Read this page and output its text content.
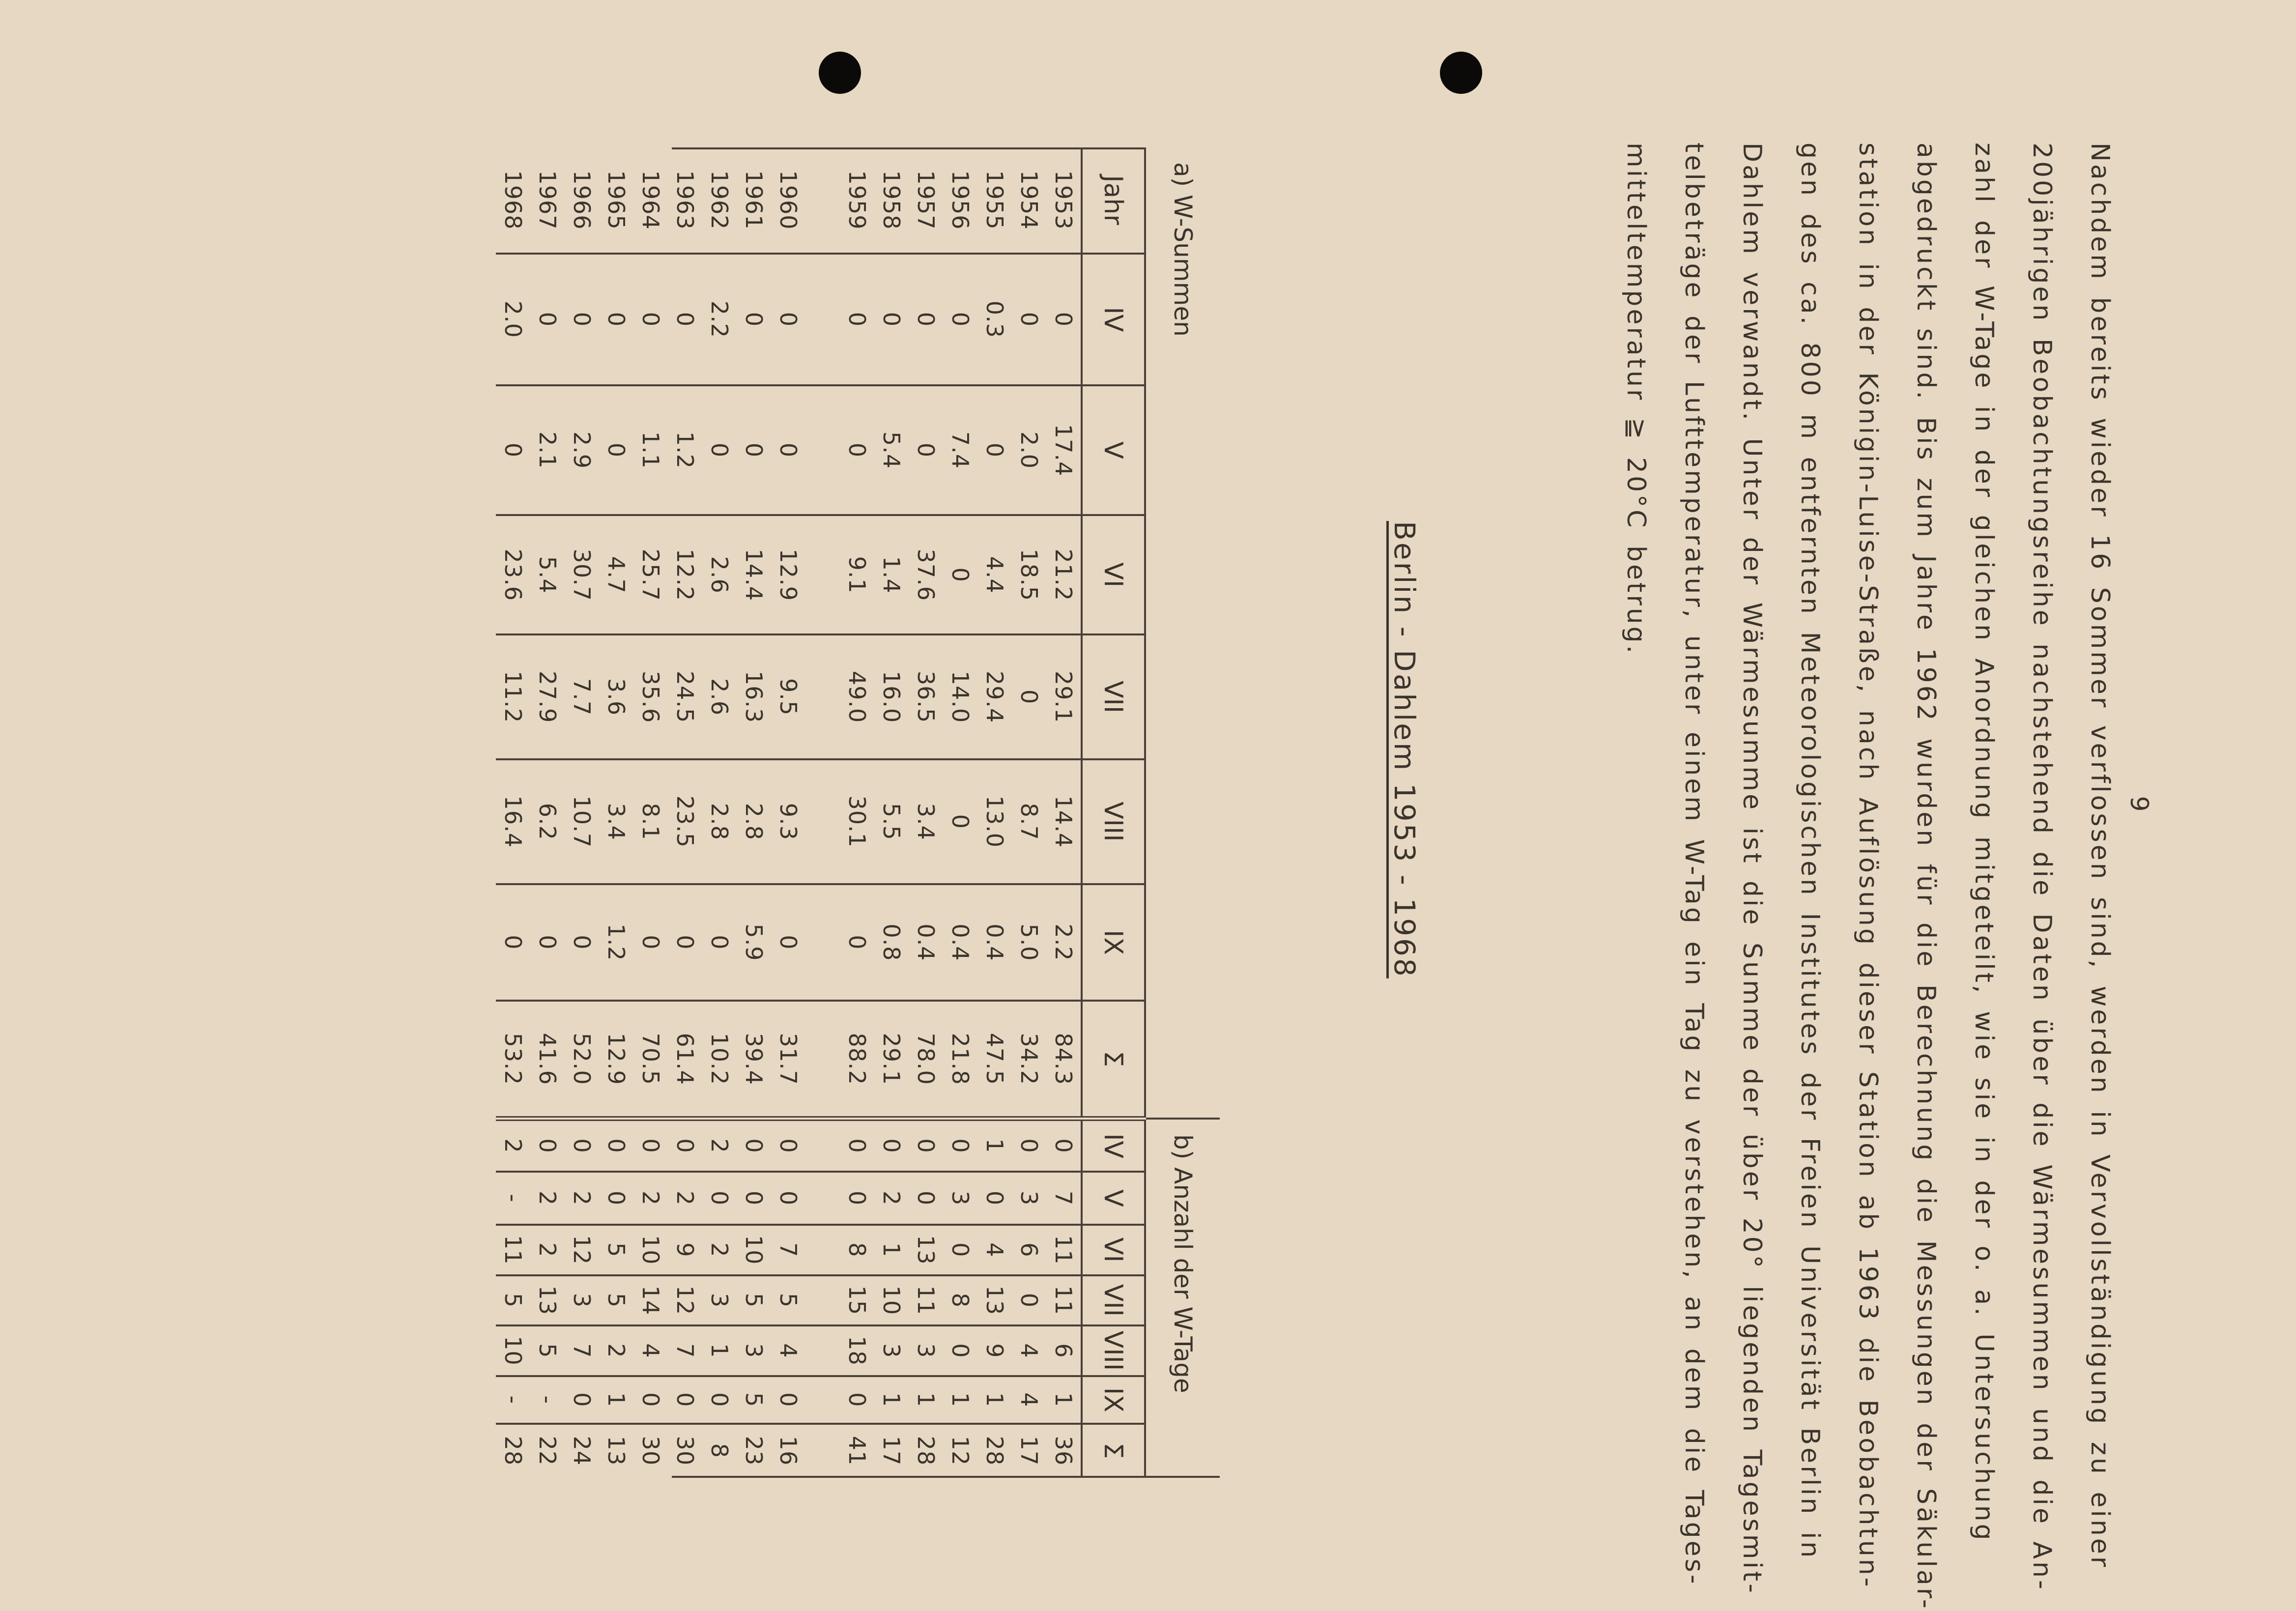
9
Nachdem bereits wieder 16 Sommer verflossen sind, werden in Vervollständigung zu einer
200jährigen Beobachtungsreihe nachstehend die Daten über die Wärmesummen und die An-
zahl der W-Tage in der gleichen Anordnung mitgeteilt, wie sie in der o. a. Untersuchung
abgedruckt sind. Bis zum Jahre 1962 wurden für die Berechnung die Messungen der Säkular-
station in der Königin-Luise-Straße, nach Auflösung dieser Station ab 1963 die Beobachtun-
gen des ca. 800 m entfernten Meteorologischen Institutes der Freien Universität Berlin in
Dahlem verwandt. Unter der Wärmesumme ist die Summe der über 20° liegenden Tagesmit-
telbeträge der Lufttemperatur, unter einem W-Tag ein Tag zu verstehen, an dem die Tages-
mitteltemperatur ≧ 20°C betrug.
Berlin - Dahlem 1953 - 1968
a) W-Summen								b) Anzahl der W-Tage						
Jahr	IV	V	VI	VII	VIII	IX	Σ	IV	V	VI	VII	VIII	IX	Σ
1953	0	17.4	21.2	29.1	14.4	2.2	84.3	0	7	11	11	6	1	36
1954	0	2.0	18.5	0	8.7	5.0	34.2	0	3	6	0	4	4	17
1955	0.3	0	4.4	29.4	13.0	0.4	47.5	1	0	4	13	9	1	28
1956	0	7.4	0	14.0	0	0.4	21.8	0	3	0	8	0	1	12
1957	0	0	37.6	36.5	3.4	0.4	78.0	0	0	13	11	3	1	28
1958	0	5.4	1.4	16.0	5.5	0.8	29.1	0	2	1	10	3	1	17
1959	0	0	9.1	49.0	30.1	0	88.2	0	0	8	15	18	0	41

1960	0	0	12.9	9.5	9.3	0	31.7	0	0	7	5	4	0	16
1961	0	0	14.4	16.3	2.8	5.9	39.4	0	0	10	5	3	5	23
1962	2.2	0	2.6	2.6	2.8	0	10.2	2	0	2	3	1	0	8
1963	0	1.2	12.2	24.5	23.5	0	61.4	0	2	9	12	7	0	30
1964	0	1.1	25.7	35.6	8.1	0	70.5	0	2	10	14	4	0	30
1965	0	0	4.7	3.6	3.4	1.2	12.9	0	0	5	5	2	1	13
1966	0	2.9	30.7	7.7	10.7	0	52.0	0	2	12	3	7	0	24
1967	0	2.1	5.4	27.9	6.2	0	41.6	0	2	2	13	5	-	22
1968	2.0	0	23.6	11.2	16.4	0	53.2	2	-	11	5	10	-	28
